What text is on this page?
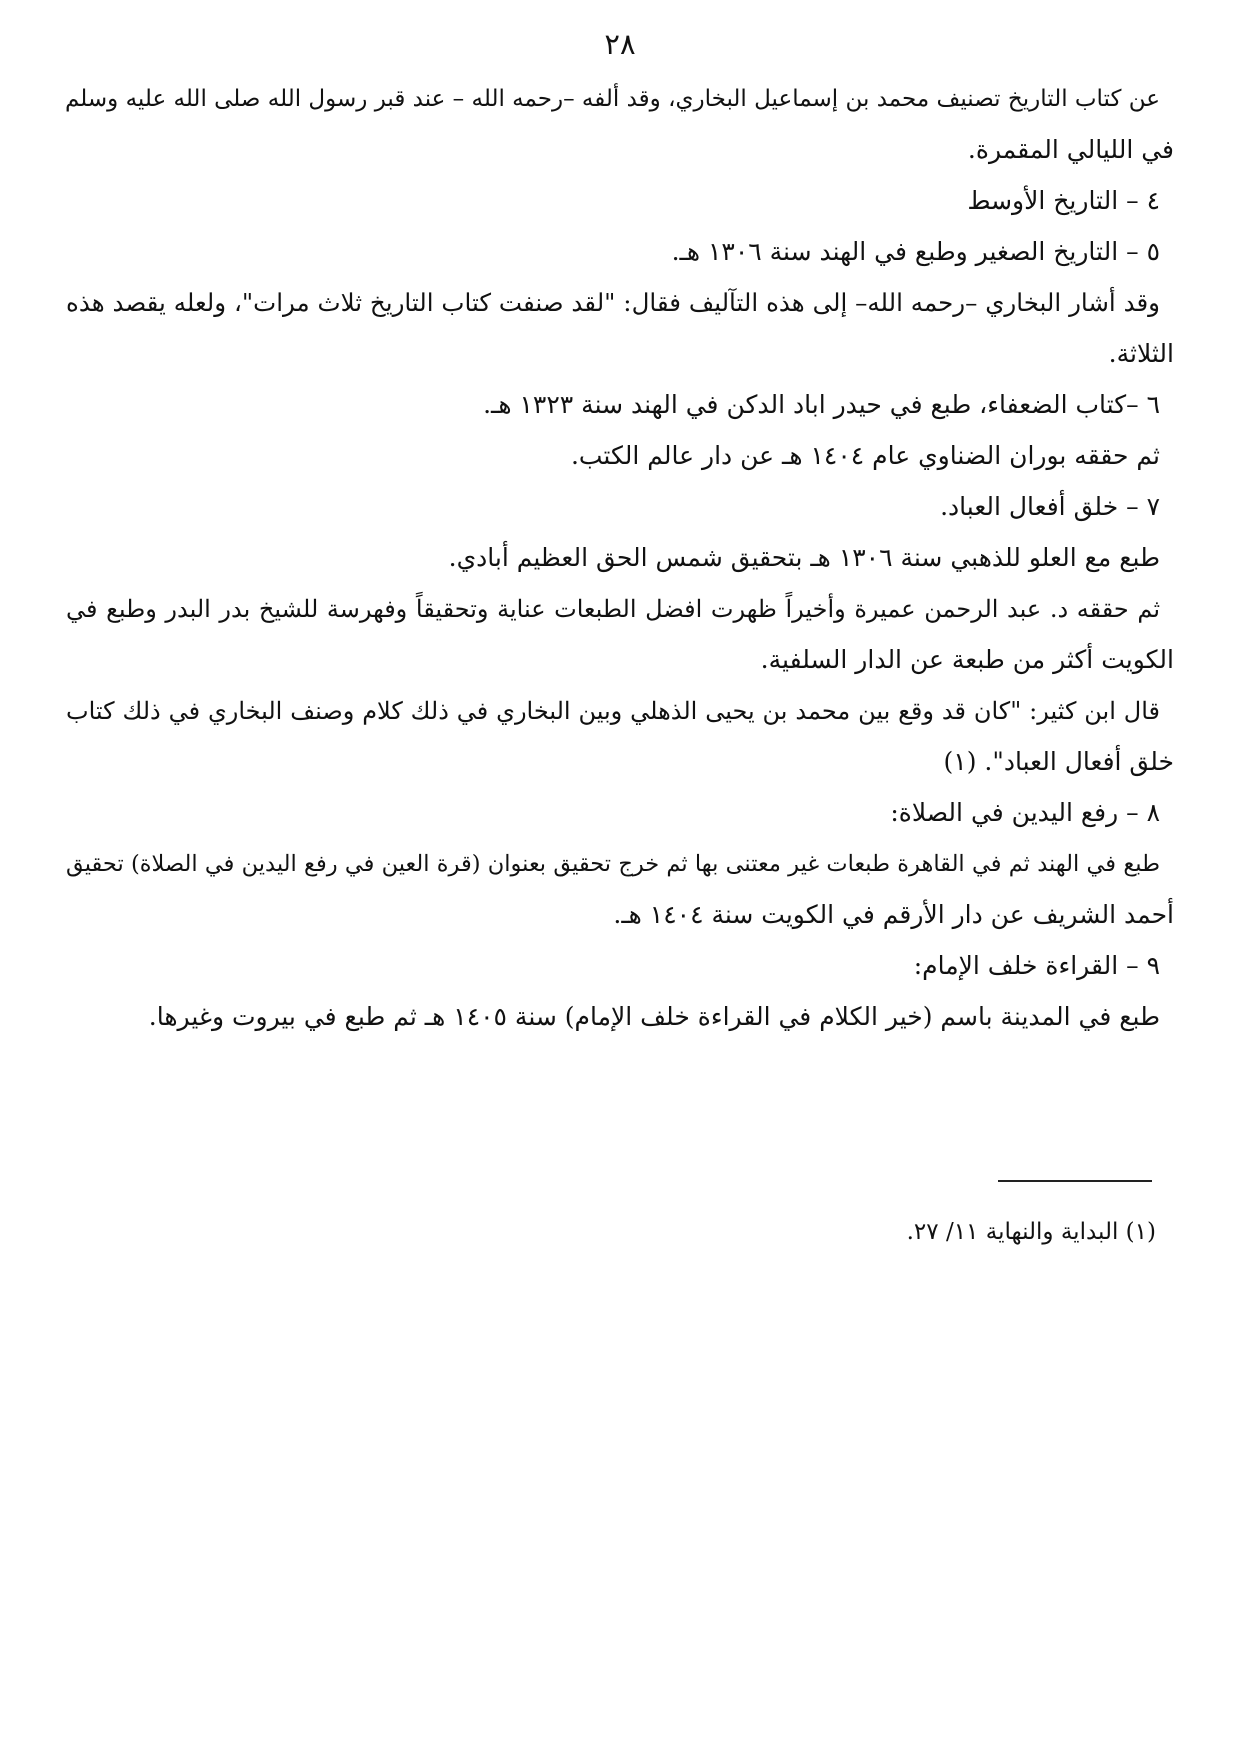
٢٨
عن كتاب التاريخ تصنيف محمد بن إسماعيل البخاري، وقد ألفه –رحمه الله – عند قبر رسول الله صلى الله عليه وسلم
في الليالي المقمرة.
٤ – التاريخ الأوسط
٥ – التاريخ الصغير وطبع في الهند سنة ١٣٠٦ هـ.
وقد أشار البخاري –رحمه الله– إلى هذه التآليف فقال: "لقد صنفت كتاب التاريخ ثلاث مرات"، ولعله يقصد هذه
الثلاثة.
٦ –كتاب الضعفاء، طبع في حيدر اباد الدكن في الهند سنة ١٣٢٣ هـ.
ثم حققه بوران الضناوي عام ١٤٠٤ هـ عن دار عالم الكتب.
٧ – خلق أفعال العباد.
طبع مع العلو للذهبي سنة ١٣٠٦ هـ بتحقيق شمس الحق العظيم أبادي.
ثم حققه د. عبد الرحمن عميرة وأخيراً ظهرت افضل الطبعات عناية وتحقيقاً وفهرسة للشيخ بدر البدر وطبع في
الكويت أكثر من طبعة عن الدار السلفية.
قال ابن كثير: "كان قد وقع بين محمد بن يحيى الذهلي وبين البخاري في ذلك كلام وصنف البخاري في ذلك كتاب
خلق أفعال العباد". (١)
٨ – رفع اليدين في الصلاة:
طبع في الهند ثم في القاهرة طبعات غير معتنى بها ثم خرج تحقيق بعنوان (قرة العين في رفع اليدين في الصلاة) تحقيق
أحمد الشريف عن دار الأرقم في الكويت سنة ١٤٠٤ هـ.
٩ – القراءة خلف الإمام:
طبع في المدينة باسم (خير الكلام في القراءة خلف الإمام) سنة ١٤٠٥ هـ ثم طبع في بيروت وغيرها.
(١) البداية والنهاية ١١/ ٢٧.
